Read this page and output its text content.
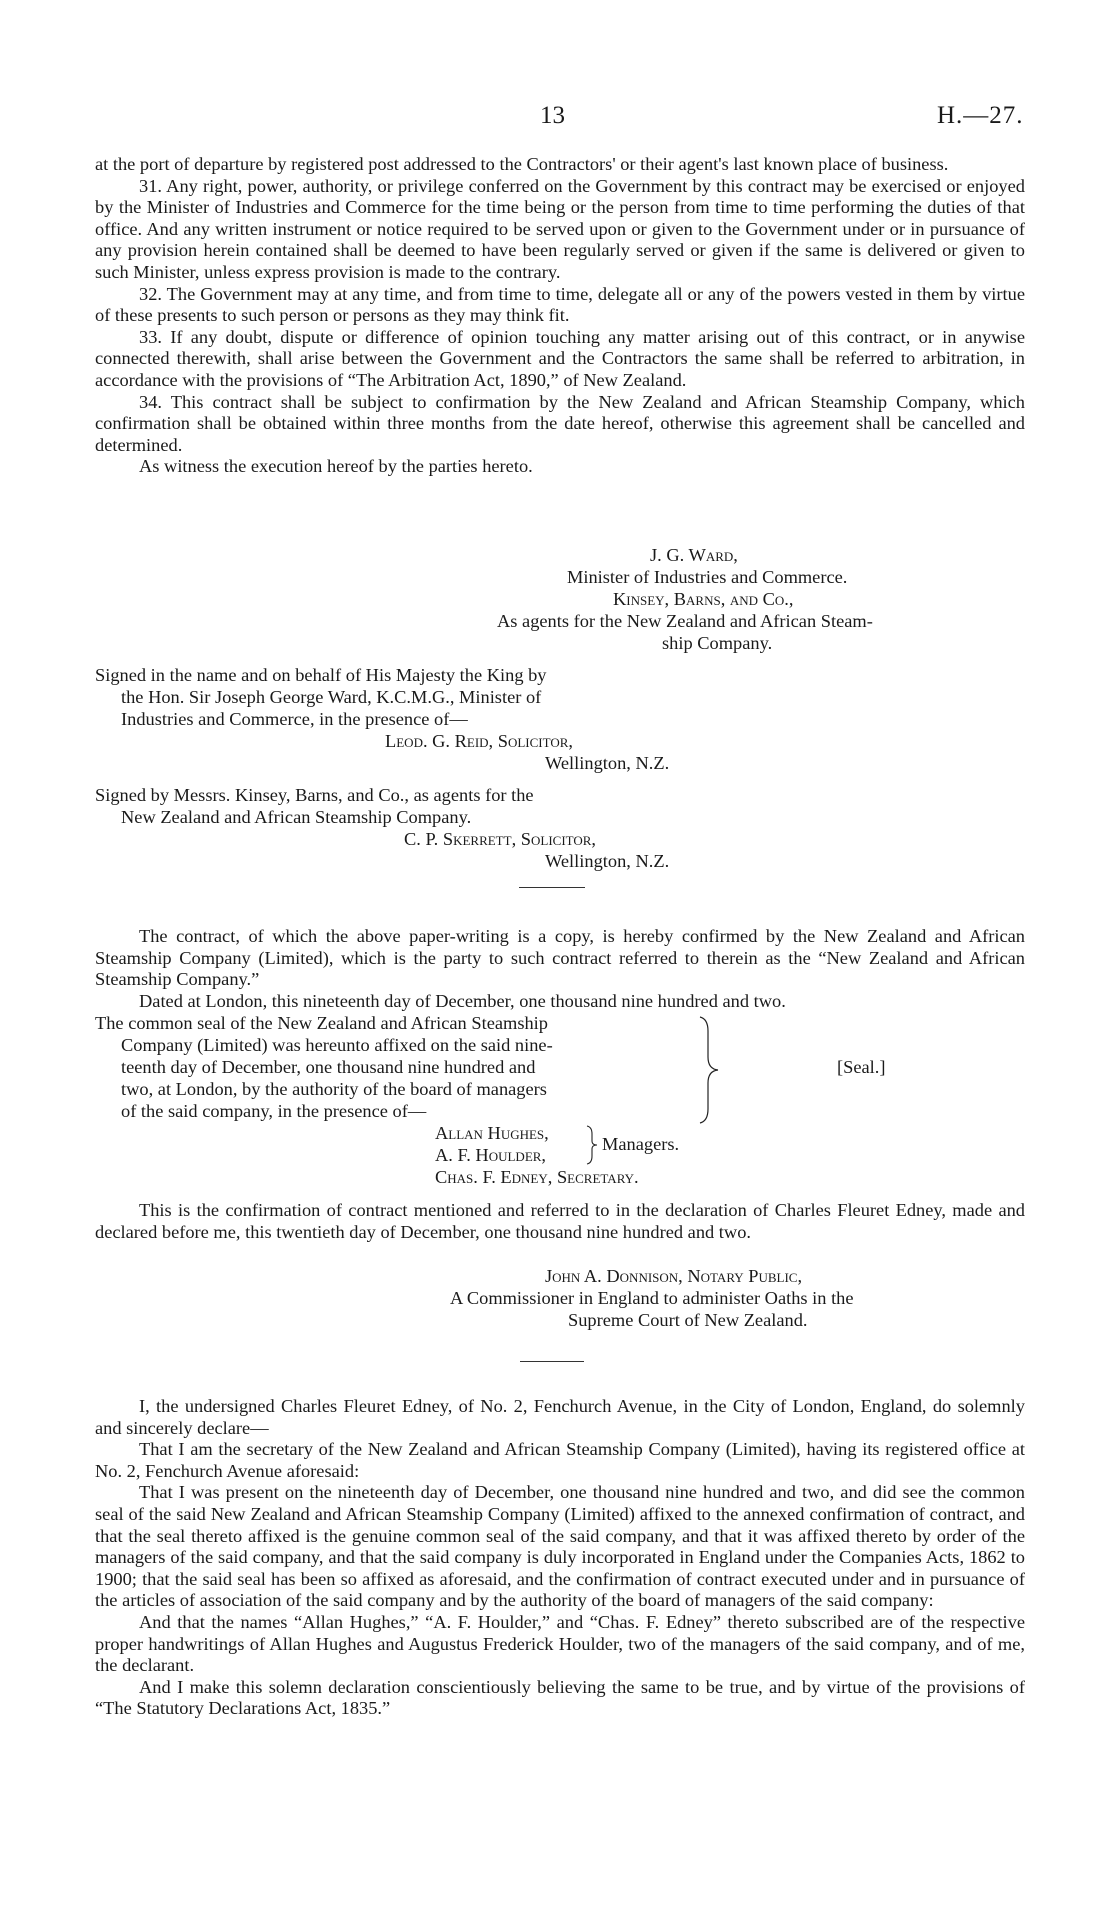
13	H.—27.

at the port of departure by registered post addressed to the Contractors' or their agent's last known place of business.

31. Any right, power, authority, or privilege conferred on the Government by this contract may be exercised or enjoyed by the Minister of Industries and Commerce for the time being or the person from time to time performing the duties of that office. And any written instrument or notice required to be served upon or given to the Government under or in pursuance of any provision herein contained shall be deemed to have been regularly served or given if the same is delivered or given to such Minister, unless express provision is made to the contrary.

32. The Government may at any time, and from time to time, delegate all or any of the powers vested in them by virtue of these presents to such person or persons as they may think fit.

33. If any doubt, dispute or difference of opinion touching any matter arising out of this contract, or in anywise connected therewith, shall arise between the Government and the Contractors the same shall be referred to arbitration, in accordance with the provisions of “The Arbitration Act, 1890,” of New Zealand.

34. This contract shall be subject to confirmation by the New Zealand and African Steamship Company, which confirmation shall be obtained within three months from the date hereof, otherwise this agreement shall be cancelled and determined.

As witness the execution hereof by the parties hereto.

J. G. Ward,
Minister of Industries and Commerce.
Kinsey, Barns, and Co.,
As agents for the New Zealand and African Steam-
ship Company.
Signed in the name and on behalf of His Majesty the King by
the Hon. Sir Joseph George Ward, K.C.M.G., Minister of
Industries and Commerce, in the presence of—
Leod. G. Reid, Solicitor,
Wellington, N.Z.
Signed by Messrs. Kinsey, Barns, and Co., as agents for the
New Zealand and African Steamship Company.
C. P. Skerrett, Solicitor,
Wellington, N.Z.

The contract, of which the above paper-writing is a copy, is hereby confirmed by the New Zealand and African Steamship Company (Limited), which is the party to such contract referred to therein as the “New Zealand and African Steamship Company.”

Dated at London, this nineteenth day of December, one thousand nine hundred and two.

The common seal of the New Zealand and African Steamship
Company (Limited) was hereunto affixed on the said nine-
teenth day of December, one thousand nine hundred and
two, at London, by the authority of the board of managers
of the said company, in the presence of—
[Seal.]
Allan Hughes,
A. F. Houlder,
Managers.
Chas. F. Edney, Secretary.

This is the confirmation of contract mentioned and referred to in the declaration of Charles Fleuret Edney, made and declared before me, this twentieth day of December, one thousand nine hundred and two.

John A. Donnison, Notary Public,
A Commissioner in England to administer Oaths in the
Supreme Court of New Zealand.

I, the undersigned Charles Fleuret Edney, of No. 2, Fenchurch Avenue, in the City of London, England, do solemnly and sincerely declare—

That I am the secretary of the New Zealand and African Steamship Company (Limited), having its registered office at No. 2, Fenchurch Avenue aforesaid:

That I was present on the nineteenth day of December, one thousand nine hundred and two, and did see the common seal of the said New Zealand and African Steamship Company (Limited) affixed to the annexed confirmation of contract, and that the seal thereto affixed is the genuine common seal of the said company, and that it was affixed thereto by order of the managers of the said company, and that the said company is duly incorporated in England under the Companies Acts, 1862 to 1900; that the said seal has been so affixed as aforesaid, and the confirmation of contract executed under and in pursuance of the articles of association of the said company and by the authority of the board of managers of the said company:

And that the names “Allan Hughes,” “A. F. Houlder,” and “Chas. F. Edney” thereto subscribed are of the respective proper handwritings of Allan Hughes and Augustus Frederick Houlder, two of the managers of the said company, and of me, the declarant.

And I make this solemn declaration conscientiously believing the same to be true, and by virtue of the provisions of “The Statutory Declarations Act, 1835.”
